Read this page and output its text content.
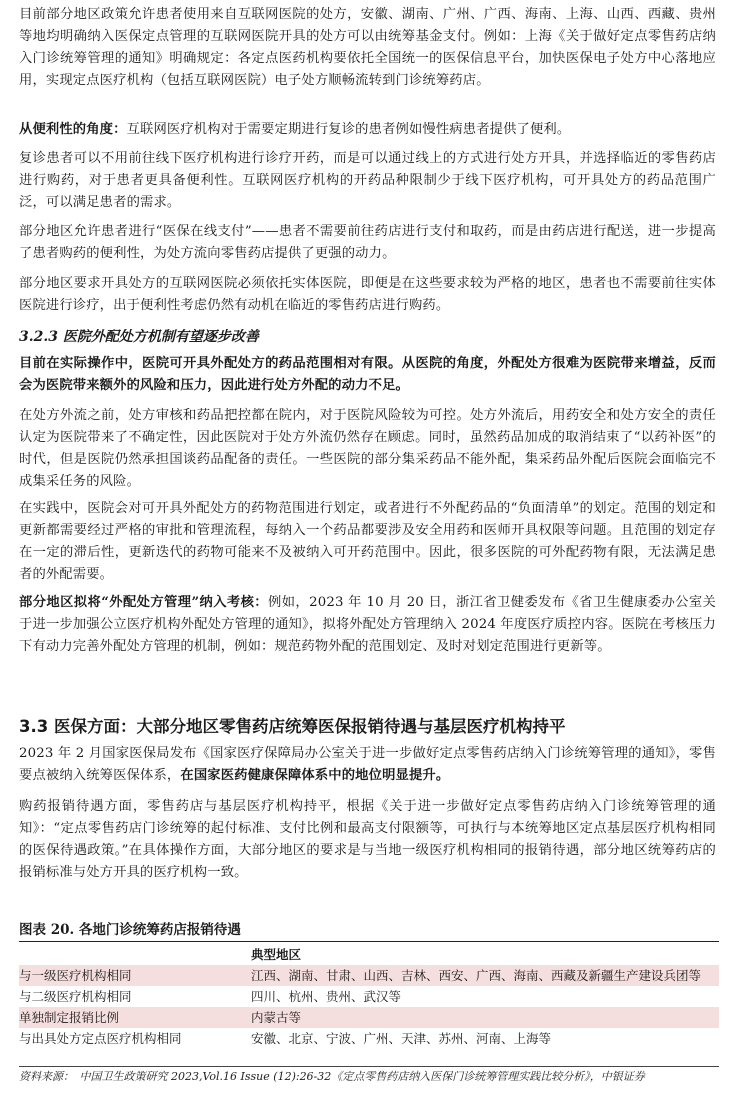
目前部分地区政策允许患者使用来自互联网医院的处方，安徽、湖南、广州、广西、海南、上海、山西、西藏、贵州等地均明确纳入医保定点管理的互联网医院开具的处方可以由统筹基金支付。例如：上海《关于做好定点零售药店纳入门诊统筹管理的通知》明确规定：各定点医药机构要依托全国统一的医保信息平台，加快医保电子处方中心落地应用，实现定点医疗机构（包括互联网医院）电子处方顺畅流转到门诊统筹药店。

从便利性的角度：互联网医疗机构对于需要定期进行复诊的患者例如慢性病患者提供了便利。

复诊患者可以不用前往线下医疗机构进行诊疗开药，而是可以通过线上的方式进行处方开具，并选择临近的零售药店进行购药，对于患者更具备便利性。互联网医疗机构的开药品种限制少于线下医疗机构，可开具处方的药品范围广泛，可以满足患者的需求。

部分地区允许患者进行“医保在线支付”——患者不需要前往药店进行支付和取药，而是由药店进行配送，进一步提高了患者购药的便利性，为处方流向零售药店提供了更强的动力。

部分地区要求开具处方的互联网医院必须依托实体医院，即便是在这些要求较为严格的地区，患者也不需要前往实体医院进行诊疗，出于便利性考虑仍然有动机在临近的零售药店进行购药。

3.2.3 医院外配处方机制有望逐步改善

目前在实际操作中，医院可开具外配处方的药品范围相对有限。从医院的角度，外配处方很难为医院带来增益，反而会为医院带来额外的风险和压力，因此进行处方外配的动力不足。

在处方外流之前，处方审核和药品把控都在院内，对于医院风险较为可控。处方外流后，用药安全和处方安全的责任认定为医院带来了不确定性，因此医院对于处方外流仍然存在顾虑。同时，虽然药品加成的取消结束了“以药补医”的时代，但是医院仍然承担国谈药品配备的责任。一些医院的部分集采药品不能外配，集采药品外配后医院会面临完不成集采任务的风险。

在实践中，医院会对可开具外配处方的药物范围进行划定，或者进行不外配药品的“负面清单”的划定。范围的划定和更新都需要经过严格的审批和管理流程，每纳入一个药品都要涉及安全用药和医师开具权限等问题。且范围的划定存在一定的滞后性，更新迭代的药物可能来不及被纳入可开药范围中。因此，很多医院的可外配药物有限，无法满足患者的外配需要。

部分地区拟将“外配处方管理”纳入考核：例如，2023 年 10 月 20 日，浙江省卫健委发布《省卫生健康委办公室关于进一步加强公立医疗机构外配处方管理的通知》，拟将外配处方管理纳入 2024 年度医疗质控内容。医院在考核压力下有动力完善外配处方管理的机制，例如：规范药物外配的范围划定、及时对划定范围进行更新等。

3.3 医保方面：大部分地区零售药店统筹医保报销待遇与基层医疗机构持平

2023 年 2 月国家医保局发布《国家医疗保障局办公室关于进一步做好定点零售药店纳入门诊统筹管理的通知》，零售要点被纳入统筹医保体系，在国家医药健康保障体系中的地位明显提升。

购药报销待遇方面，零售药店与基层医疗机构持平，根据《关于进一步做好定点零售药店纳入门诊统筹管理的通知》：“定点零售药店门诊统筹的起付标准、支付比例和最高支付限额等，可执行与本统筹地区定点基层医疗机构相同的医保待遇政策。”在具体操作方面，大部分地区的要求是与当地一级医疗机构相同的报销待遇，部分地区统筹药店的报销标准与处方开具的医疗机构一致。

图表 20. 各地门诊统筹药店报销待遇
	典型地区
与一级医疗机构相同	江西、湖南、甘肃、山西、吉林、西安、广西、海南、西藏及新疆生产建设兵团等
与二级医疗机构相同	四川、杭州、贵州、武汉等
单独制定报销比例	内蒙古等
与出具处方定点医疗机构相同	安徽、北京、宁波、广州、天津、苏州、河南、上海等
资料来源：　中国卫生政策研究 2023,Vol.16 Issue (12):26-32《定点零售药店纳入医保门诊统筹管理实践比较分析》，中银证券
